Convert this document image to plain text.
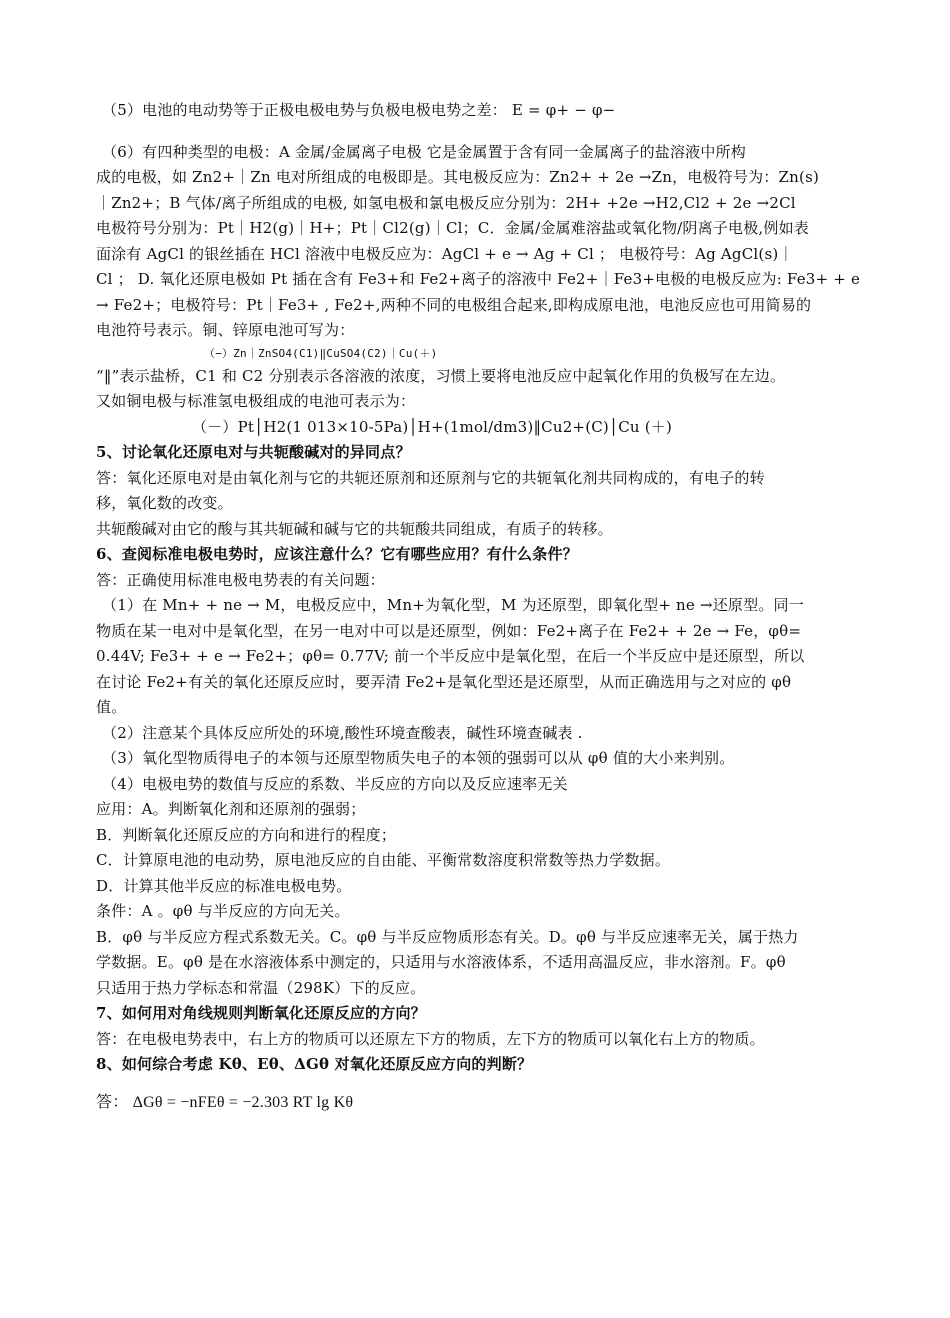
（5）电池的电动势等于正极电极电势与负极电极电势之差： E = φ+ − φ−
（6）有四种类型的电极：A 金属/金属离子电极 它是金属置于含有同一金属离子的盐溶液中所构
成的电极，如 Zn2+｜Zn 电对所组成的电极即是。其电极反应为：Zn2+ + 2e →Zn，电极符号为：Zn(s)
｜Zn2+；B 气体/离子所组成的电极, 如氢电极和氯电极反应分别为：2H+ +2e →H2,Cl2 + 2e →2Cl
电极符号分别为：Pt｜H2(g)｜H+；Pt｜Cl2(g)｜Cl；C．金属/金属难溶盐或氧化物/阴离子电极,例如表
面涂有 AgCl 的银丝插在 HCl 溶液中电极反应为：AgCl + e → Ag + Cl ； 电极符号：Ag AgCl(s)｜
Cl ； D. 氧化还原电极如 Pt 插在含有 Fe3+和 Fe2+离子的溶液中 Fe2+｜Fe3+电极的电极反应为: Fe3+ + e
→ Fe2+；电极符号：Pt｜Fe3+ , Fe2+,两种不同的电极组合起来,即构成原电池，电池反应也可用简易的
电池符号表示。铜、锌原电池可写为：
（−）Zn｜ZnSO4(C1)‖CuSO4(C2)｜Cu(＋)
“‖”表示盐桥，C1 和 C2 分别表示各溶液的浓度，习惯上要将电池反应中起氧化作用的负极写在左边。
又如铜电极与标准氢电极组成的电池可表示为：
（－）Pt│H2(1 013×10-5Pa)│H+(1mol/dm3)‖Cu2+(C)│Cu (＋)
5、讨论氧化还原电对与共轭酸碱对的异同点？
答：氧化还原电对是由氧化剂与它的共轭还原剂和还原剂与它的共轭氧化剂共同构成的，有电子的转
移，氧化数的改变。
共轭酸碱对由它的酸与其共轭碱和碱与它的共轭酸共同组成，有质子的转移。
6、查阅标准电极电势时，应该注意什么？它有哪些应用？有什么条件？
答：正确使用标准电极电势表的有关问题：
（1）在 Mn+ + ne → M，电极反应中，Mn+为氧化型，M 为还原型，即氧化型+ ne →还原型。同一
物质在某一电对中是氧化型，在另一电对中可以是还原型，例如：Fe2+离子在 Fe2+ + 2e → Fe，φθ=
0.44V; Fe3+ + e → Fe2+；φθ= 0.77V; 前一个半反应中是氧化型，在后一个半反应中是还原型，所以
在讨论 Fe2+有关的氧化还原反应时，要弄清 Fe2+是氧化型还是还原型，从而正确选用与之对应的 φθ
值。
（2）注意某个具体反应所处的环境,酸性环境查酸表，碱性环境查碱表 .
（3）氧化型物质得电子的本领与还原型物质失电子的本领的强弱可以从 φθ 值的大小来判别。
（4）电极电势的数值与反应的系数、半反应的方向以及反应速率无关
应用：A。判断氧化剂和还原剂的强弱；
B．判断氧化还原反应的方向和进行的程度；
C．计算原电池的电动势，原电池反应的自由能、平衡常数溶度积常数等热力学数据。
D．计算其他半反应的标准电极电势。
条件：A 。φθ 与半反应的方向无关。
B．φθ 与半反应方程式系数无关。C。φθ 与半反应物质形态有关。D。φθ 与半反应速率无关，属于热力
学数据。E。φθ 是在水溶液体系中测定的，只适用与水溶液体系，不适用高温反应，非水溶剂。F。φθ
只适用于热力学标态和常温（298K）下的反应。
7、如何用对角线规则判断氧化还原反应的方向？
答：在电极电势表中，右上方的物质可以还原左下方的物质，左下方的物质可以氧化右上方的物质。
8、如何综合考虑 Kθ、Eθ、ΔGθ 对氧化还原反应方向的判断？
答： ΔGθ = −nFEθ = −2.303 RT lg Kθ
